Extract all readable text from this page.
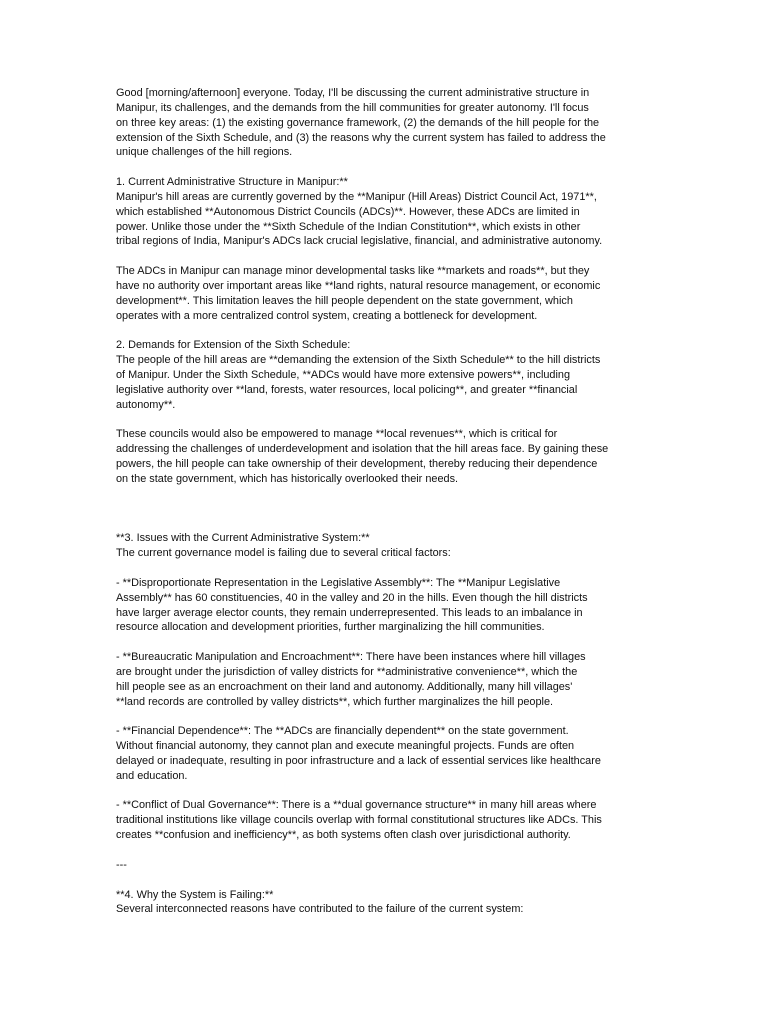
Good [morning/afternoon] everyone. Today, I'll be discussing the current administrative structure in
Manipur, its challenges, and the demands from the hill communities for greater autonomy. I'll focus
on three key areas: (1) the existing governance framework, (2) the demands of the hill people for the
extension of the Sixth Schedule, and (3) the reasons why the current system has failed to address the
unique challenges of the hill regions.
1. Current Administrative Structure in Manipur:**
Manipur's hill areas are currently governed by the **Manipur (Hill Areas) District Council Act, 1971**,
which established **Autonomous District Councils (ADCs)**. However, these ADCs are limited in
power. Unlike those under the **Sixth Schedule of the Indian Constitution**, which exists in other
tribal regions of India, Manipur's ADCs lack crucial legislative, financial, and administrative autonomy.
The ADCs in Manipur can manage minor developmental tasks like **markets and roads**, but they
have no authority over important areas like **land rights, natural resource management, or economic
development**. This limitation leaves the hill people dependent on the state government, which
operates with a more centralized control system, creating a bottleneck for development.
2. Demands for Extension of the Sixth Schedule:
The people of the hill areas are **demanding the extension of the Sixth Schedule** to the hill districts
of Manipur. Under the Sixth Schedule, **ADCs would have more extensive powers**, including
legislative authority over **land, forests, water resources, local policing**, and greater **financial
autonomy**.
These councils would also be empowered to manage **local revenues**, which is critical for
addressing the challenges of underdevelopment and isolation that the hill areas face. By gaining these
powers, the hill people can take ownership of their development, thereby reducing their dependence
on the state government, which has historically overlooked their needs.
**3. Issues with the Current Administrative System:**
The current governance model is failing due to several critical factors:
- **Disproportionate Representation in the Legislative Assembly**: The **Manipur Legislative
Assembly** has 60 constituencies, 40 in the valley and 20 in the hills. Even though the hill districts
have larger average elector counts, they remain underrepresented. This leads to an imbalance in
resource allocation and development priorities, further marginalizing the hill communities.
- **Bureaucratic Manipulation and Encroachment**: There have been instances where hill villages
are brought under the jurisdiction of valley districts for **administrative convenience**, which the
hill people see as an encroachment on their land and autonomy. Additionally, many hill villages'
**land records are controlled by valley districts**, which further marginalizes the hill people.
- **Financial Dependence**: The **ADCs are financially dependent** on the state government.
Without financial autonomy, they cannot plan and execute meaningful projects. Funds are often
delayed or inadequate, resulting in poor infrastructure and a lack of essential services like healthcare
and education.
- **Conflict of Dual Governance**: There is a **dual governance structure** in many hill areas where
traditional institutions like village councils overlap with formal constitutional structures like ADCs. This
creates **confusion and inefficiency**, as both systems often clash over jurisdictional authority.
---
**4. Why the System is Failing:**
Several interconnected reasons have contributed to the failure of the current system:
